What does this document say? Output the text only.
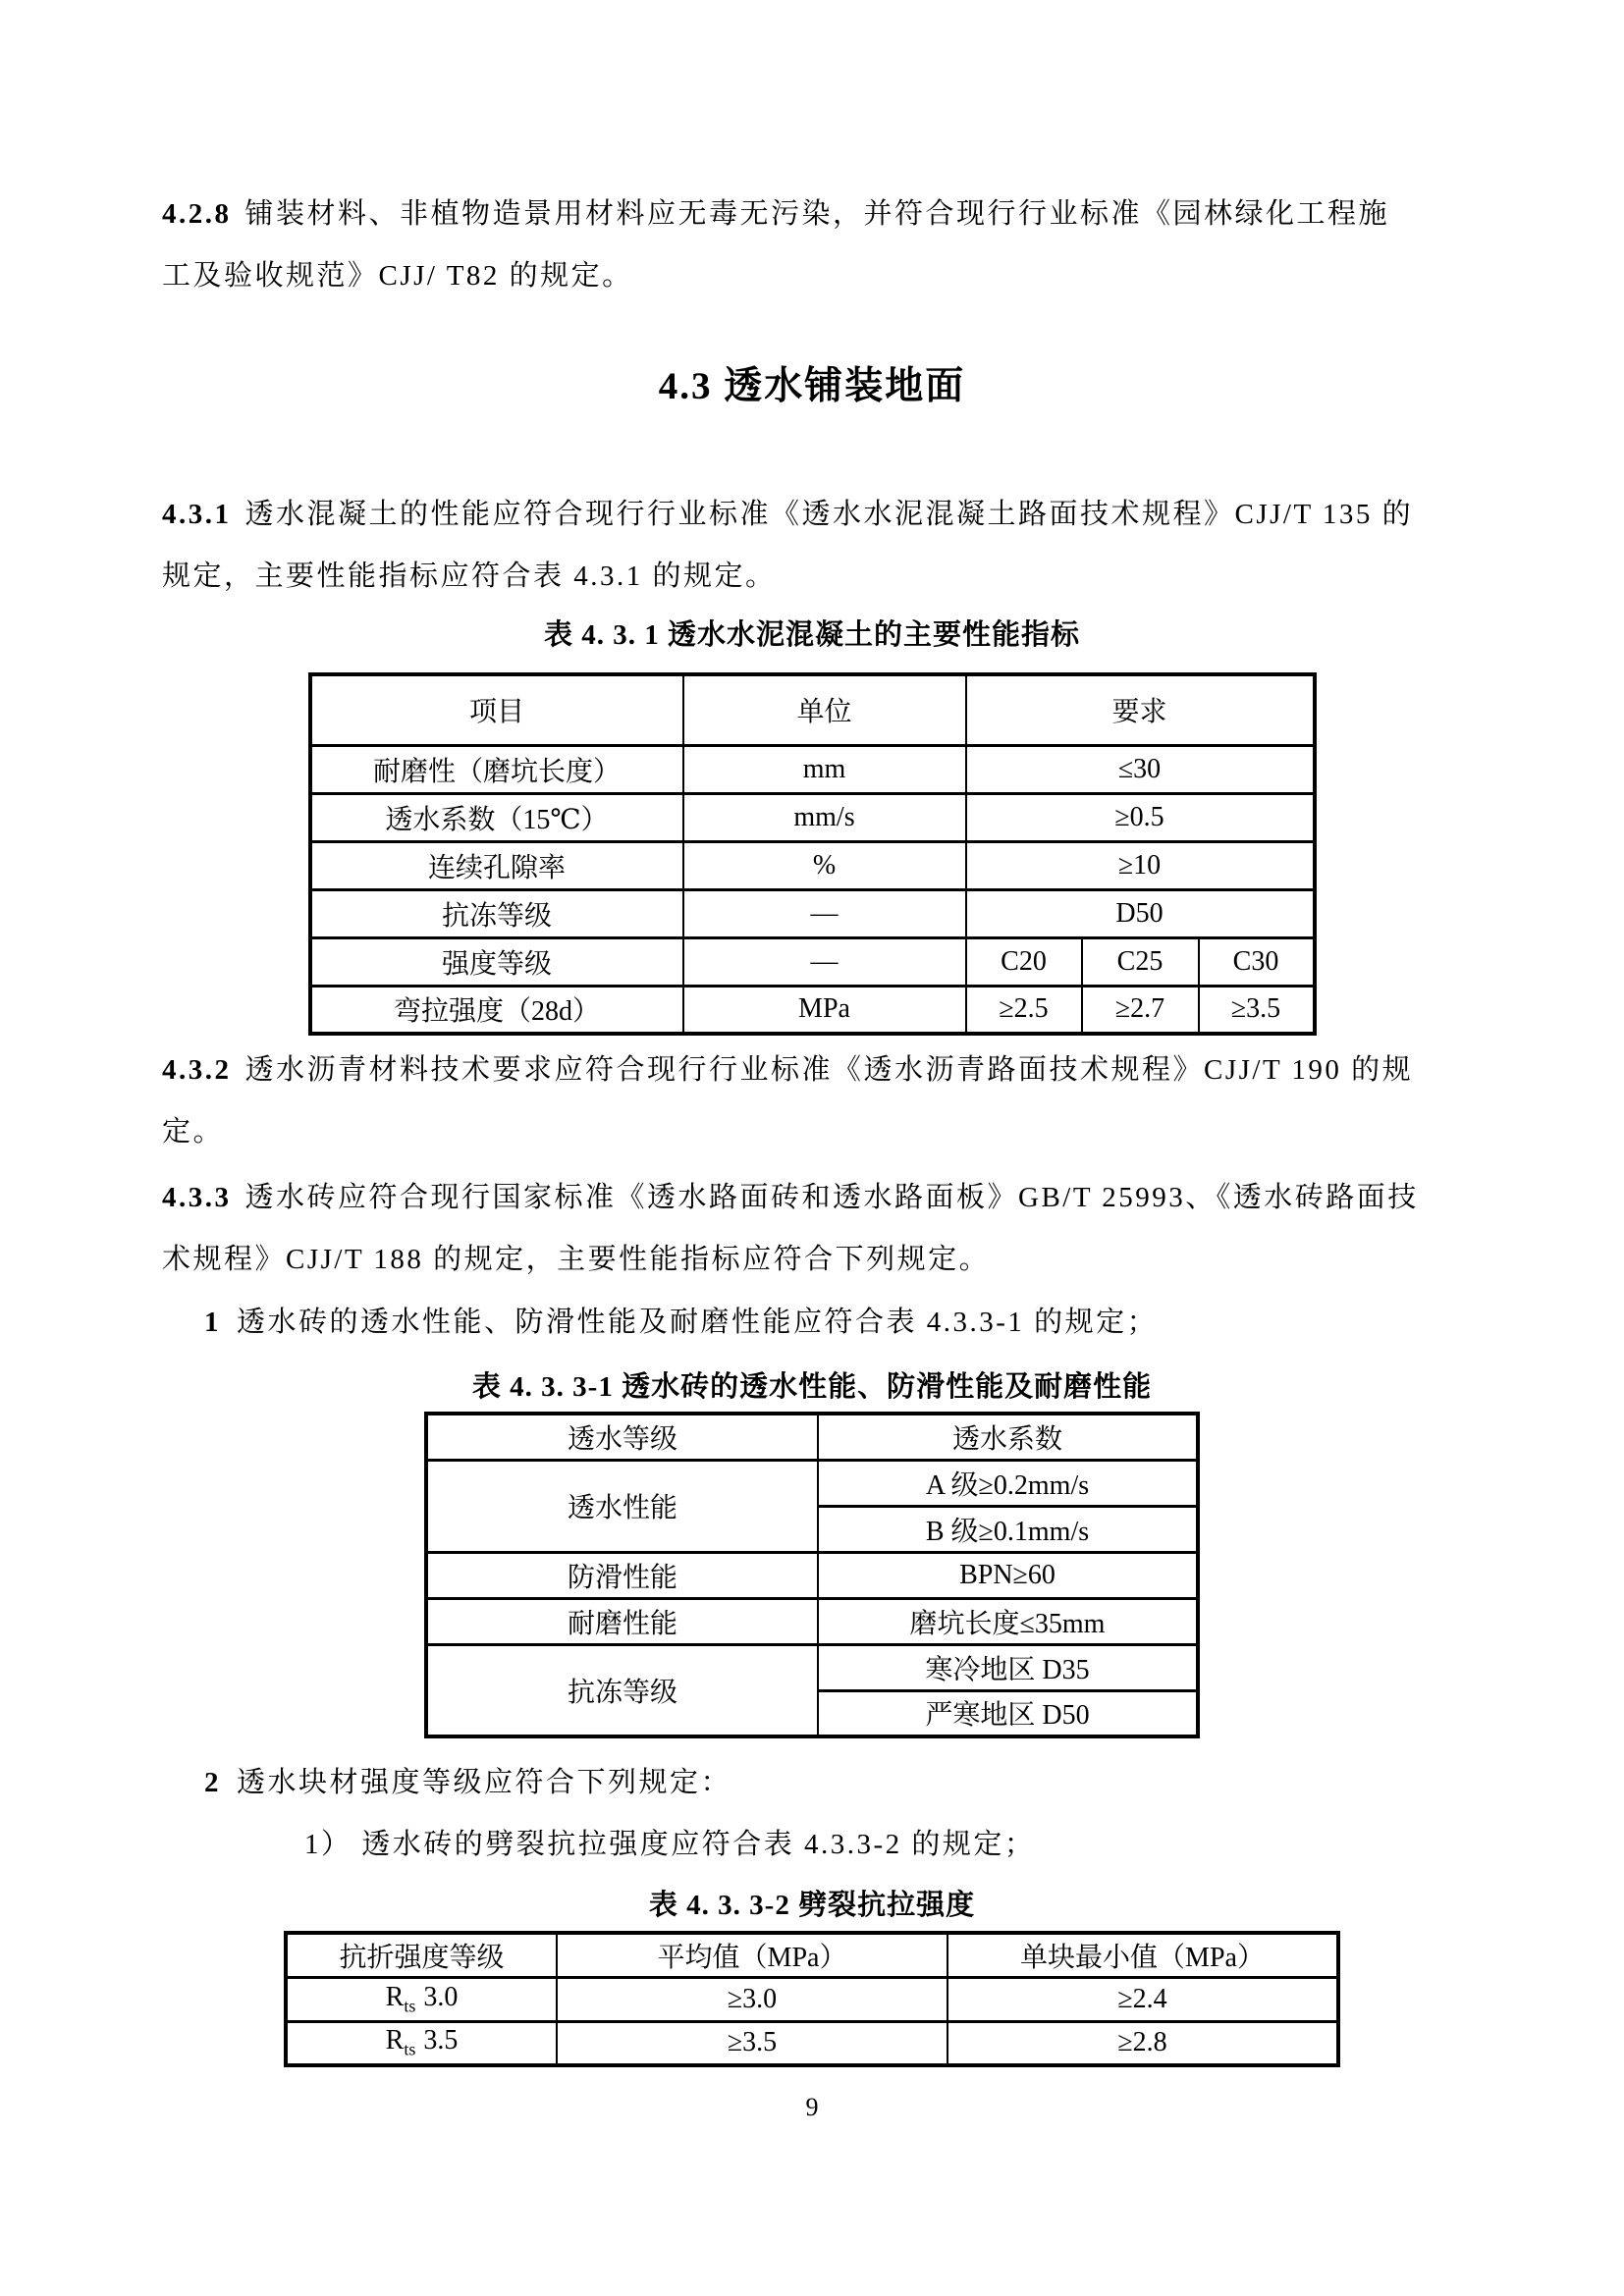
4.2.8 铺装材料、非植物造景用材料应无毒无污染，并符合现行行业标准《园林绿化工程施
工及验收规范》CJJ/ T82 的规定。
4.3 透水铺装地面
4.3.1 透水混凝土的性能应符合现行行业标准《透水水泥混凝土路面技术规程》CJJ/T 135 的
规定，主要性能指标应符合表 4.3.1 的规定。
表 4. 3. 1 透水水泥混凝土的主要性能指标
项目	单位	要求		
耐磨性（磨坑长度）	mm	≤30		
透水系数（15℃）	mm/s	≥0.5		
连续孔隙率	%	≥10		
抗冻等级	—	D50		
强度等级	—	C20	C25	C30
弯拉强度（28d）	MPa	≥2.5	≥2.7	≥3.5
4.3.2 透水沥青材料技术要求应符合现行行业标准《透水沥青路面技术规程》CJJ/T 190 的规
定。
4.3.3 透水砖应符合现行国家标准《透水路面砖和透水路面板》GB/T 25993、《透水砖路面技
术规程》CJJ/T 188 的规定，主要性能指标应符合下列规定。
1 透水砖的透水性能、防滑性能及耐磨性能应符合表 4.3.3-1 的规定；
表 4. 3. 3-1 透水砖的透水性能、防滑性能及耐磨性能
透水等级	透水系数
透水性能	A 级≥0.2mm/s
	B 级≥0.1mm/s
防滑性能	BPN≥60
耐磨性能	磨坑长度≤35mm
抗冻等级	寒冷地区 D35
	严寒地区 D50
2 透水块材强度等级应符合下列规定：
1） 透水砖的劈裂抗拉强度应符合表 4.3.3-2 的规定；
表 4. 3. 3-2 劈裂抗拉强度
抗折强度等级	平均值（MPa）	单块最小值（MPa）
$R_{ts}$ 3.0	≥3.0	≥2.4
$R_{ts}$ 3.5	≥3.5	≥2.8
9
